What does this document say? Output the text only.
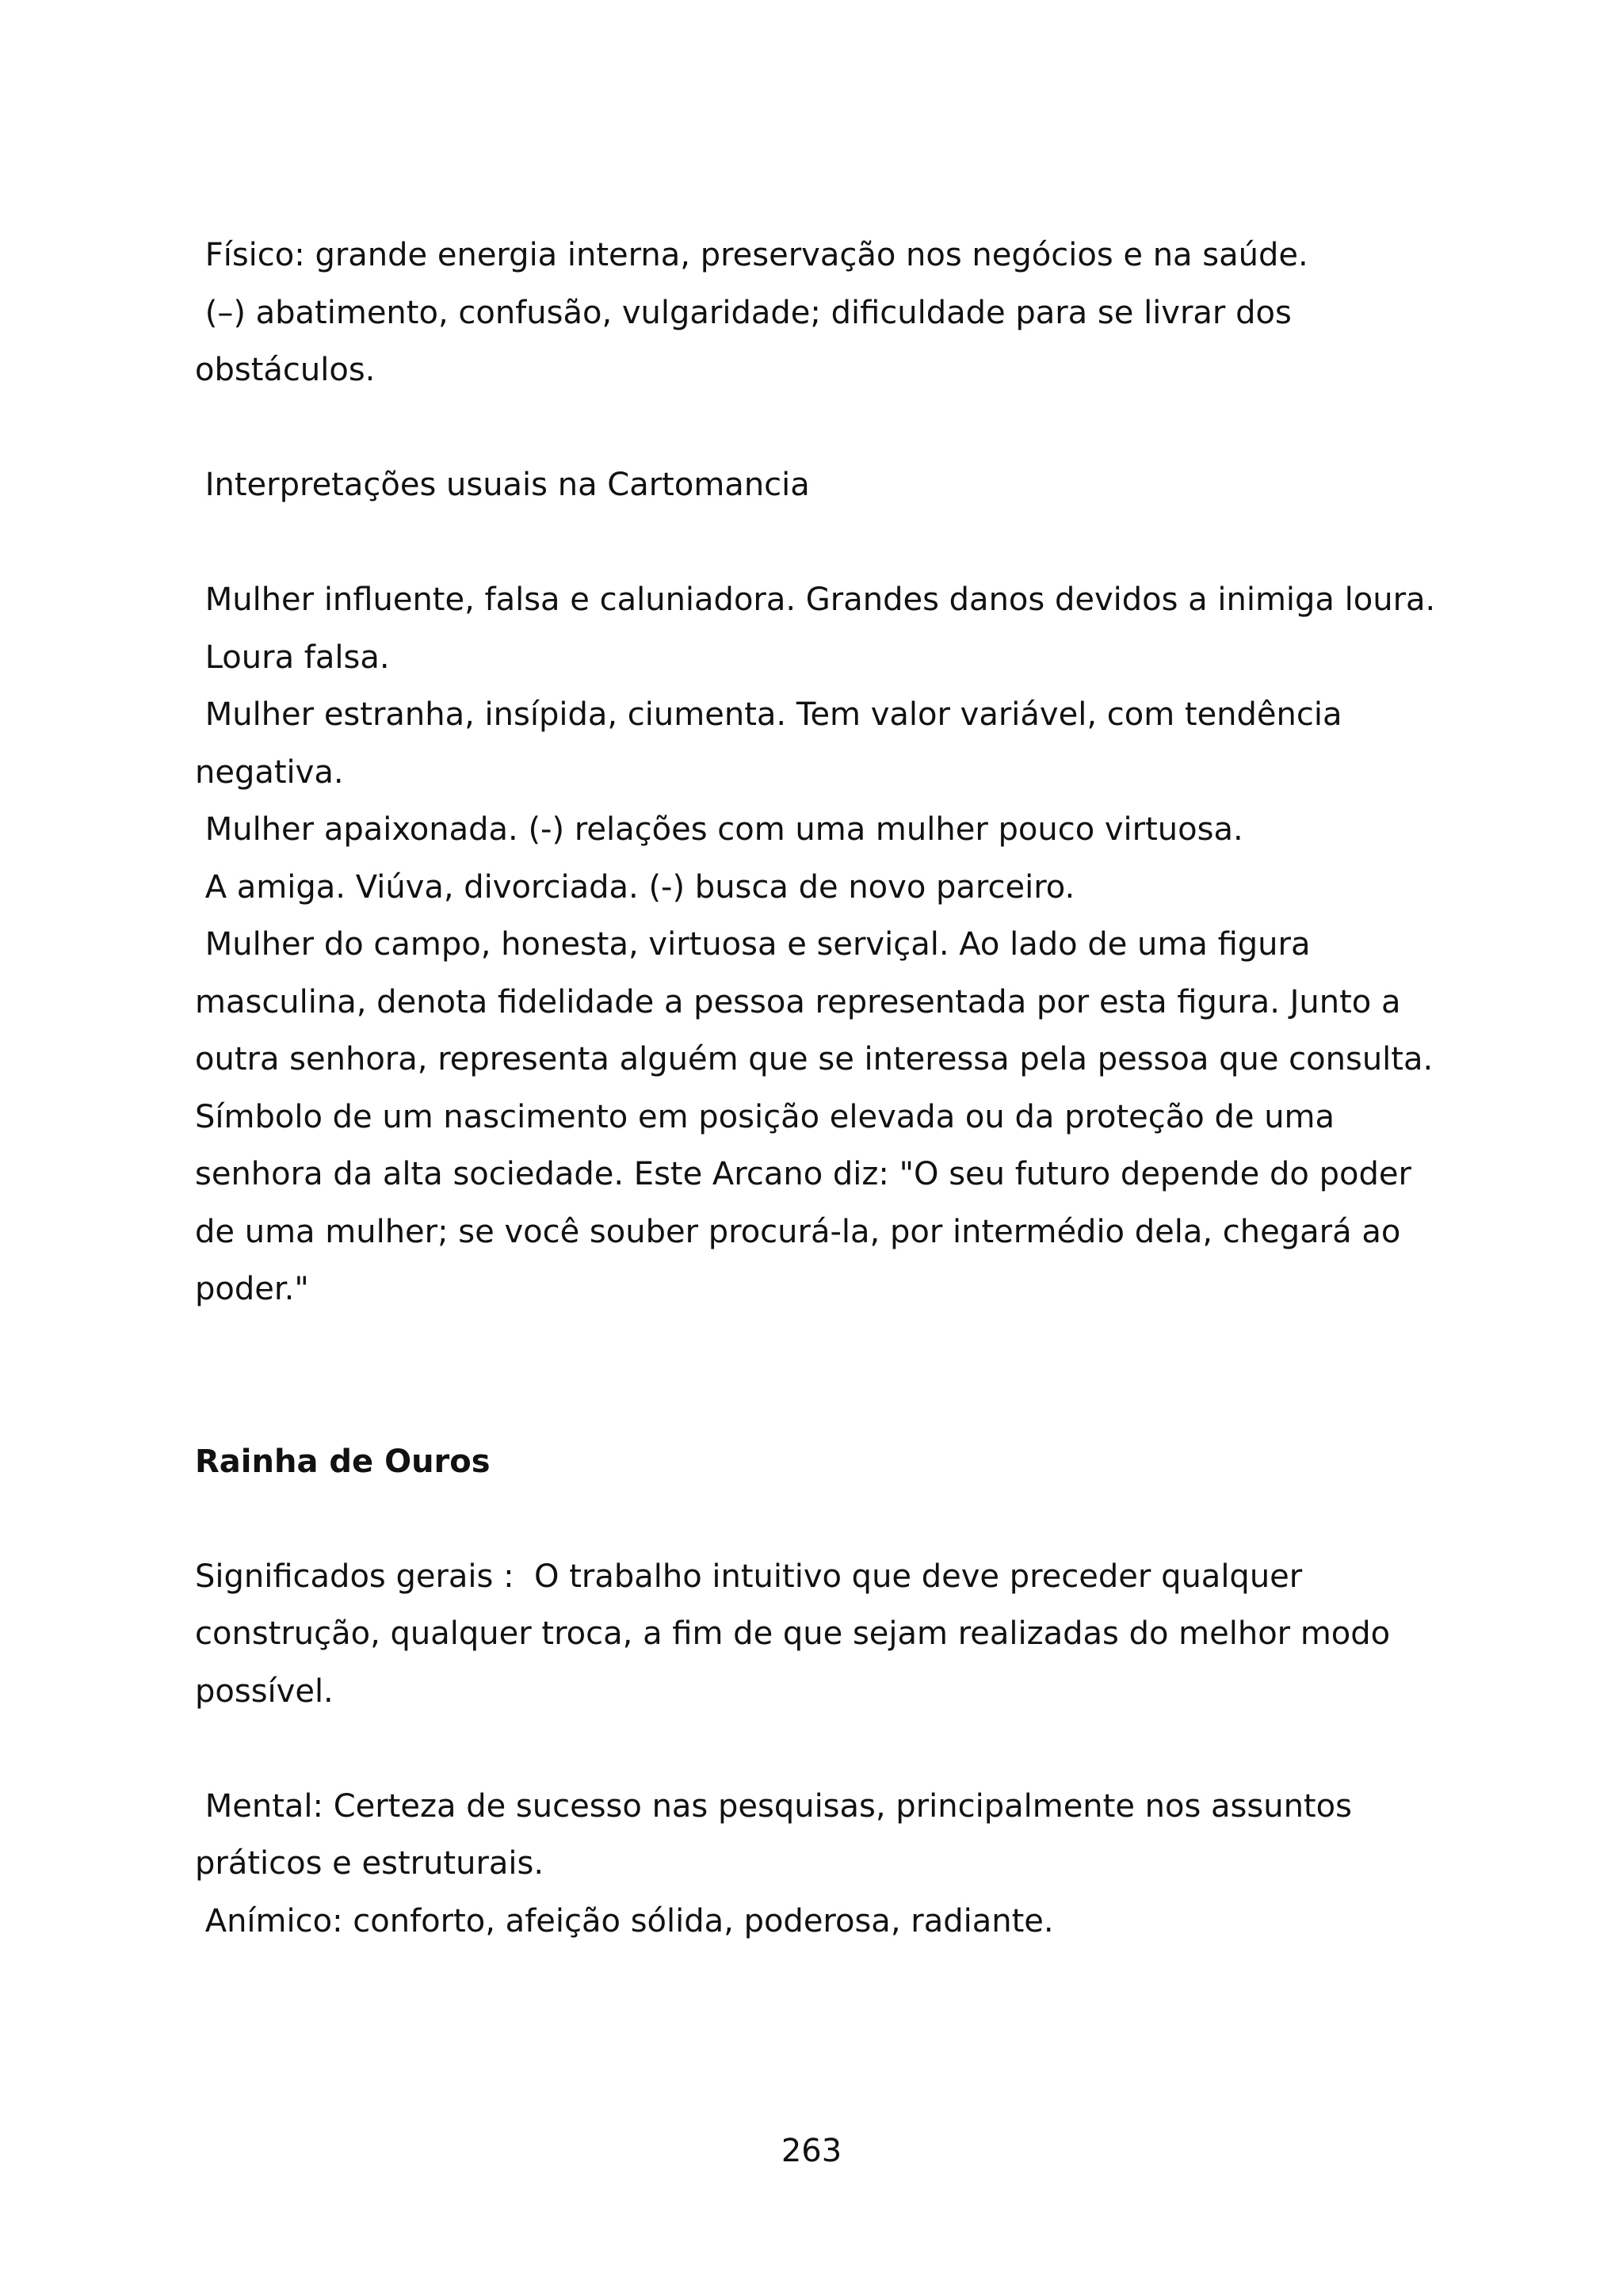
Físico: grande energia interna, preservação nos negócios e na saúde.

(–) abatimento, confusão, vulgaridade; dificuldade para se livrar dos obstáculos.

Interpretações usuais na Cartomancia

Mulher influente, falsa e caluniadora. Grandes danos devidos a inimiga loura.

Loura falsa.

Mulher estranha, insípida, ciumenta. Tem valor variável, com tendência negativa.

Mulher apaixonada. (-) relações com uma mulher pouco virtuosa.

A amiga. Viúva, divorciada. (-) busca de novo parceiro.

Mulher do campo, honesta, virtuosa e serviçal. Ao lado de uma figura masculina, denota fidelidade a pessoa representada por esta figura. Junto a outra senhora, representa alguém que se interessa pela pessoa que consulta. Símbolo de um nascimento em posição elevada ou da proteção de uma senhora da alta sociedade. Este Arcano diz: "O seu futuro depende do poder de uma mulher; se você souber procurá-la, por intermédio dela, chegará ao poder."

Rainha de Ouros

Significados gerais :  O trabalho intuitivo que deve preceder qualquer construção, qualquer troca, a fim de que sejam realizadas do melhor modo possível.

Mental: Certeza de sucesso nas pesquisas, principalmente nos assuntos práticos e estruturais.

Anímico: conforto, afeição sólida, poderosa, radiante.

263
